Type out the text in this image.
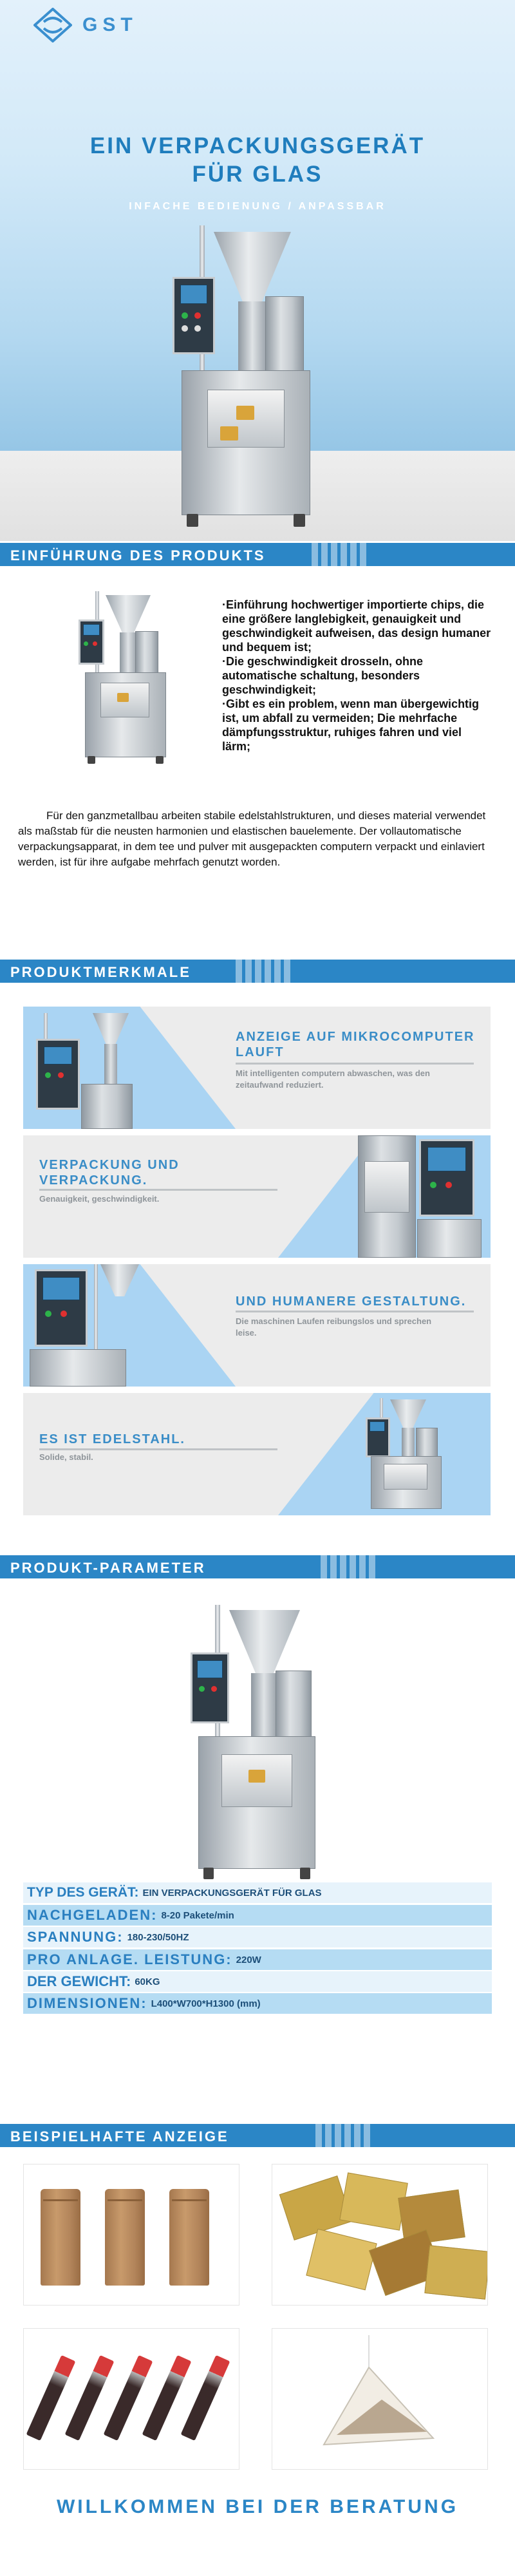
GST
EIN VERPACKUNGSGERÄT
FÜR GLAS
INFACHE BEDIENUNG / ANPASSBAR
EINFÜHRUNG DES PRODUKTS
·Einführung hochwertiger importierte chips, die eine größere langlebigkeit, genauigkeit und geschwindigkeit aufweisen, das design humaner und bequem ist;
·Die geschwindigkeit drosseln, ohne automatische schaltung, besonders geschwindigkeit;
·Gibt es ein problem, wenn man übergewichtig ist, um abfall zu vermeiden; Die mehrfache dämpfungsstruktur, ruhiges fahren und viel lärm;

Für den ganzmetallbau arbeiten stabile edelstahlstrukturen, und dieses material verwendet als maßstab für die neusten harmonien und elastischen bauelemente. Der vollautomatische verpackungsapparat, in dem tee und pulver mit ausgepackten computern verpackt und einlaviert werden, ist für ihre aufgabe mehrfach genutzt worden.

PRODUKTMERKMALE
ANZEIGE AUF MIKROCOMPUTER LAUFT
Mit intelligenten computern abwaschen, was den zeitaufwand reduziert.
VERPACKUNG UND VERPACKUNG.
Genauigkeit, geschwindigkeit.
UND HUMANERE GESTALTUNG.
Die maschinen Laufen reibungslos und sprechen leise.
ES IST EDELSTAHL.
Solide, stabil.
PRODUKT-PARAMETER
TYP DES GERÄT: EIN VERPACKUNGSGERÄT FÜR GLAS
NACHGELADEN: 8-20 Pakete/min
SPANNUNG: 180-230/50HZ
PRO ANLAGE. LEISTUNG: 220W
DER GEWICHT: 60KG
DIMENSIONEN: L400*W700*H1300 (mm)
BEISPIELHAFTE ANZEIGE
WILLKOMMEN BEI DER BERATUNG
